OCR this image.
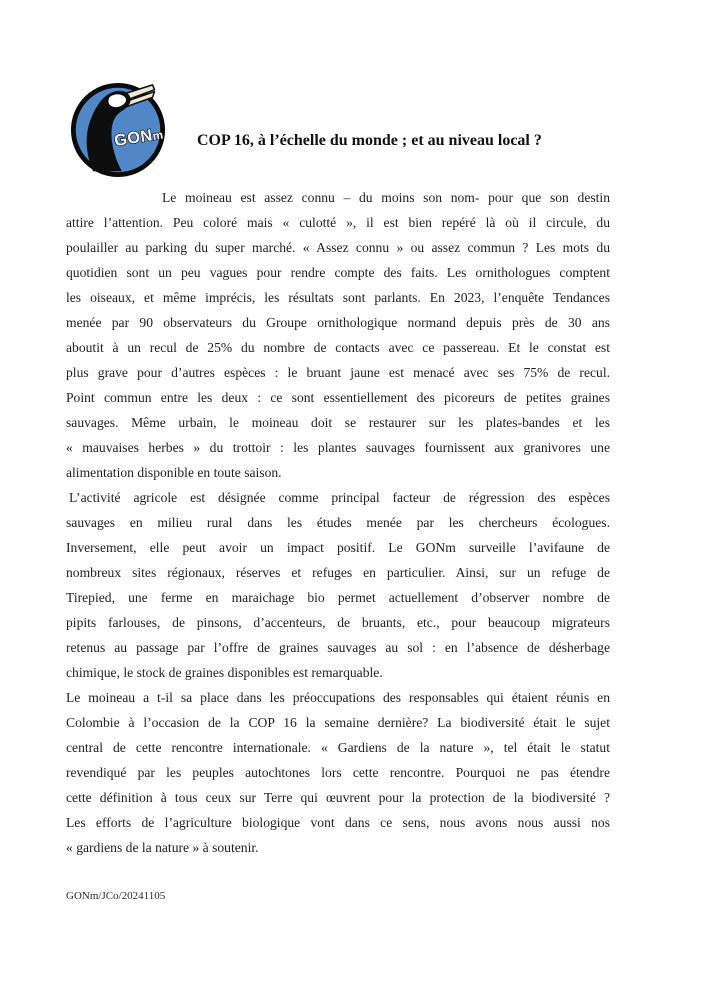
GONm COP 16, à l’échelle du monde ; et au niveau local ?
Le moineau est assez connu – du moins son nom- pour que son destin
attire l’attention. Peu coloré mais « culotté », il est bien repéré là où il circule, du
poulailler au parking du super marché. « Assez connu » ou assez commun ? Les mots du
quotidien sont un peu vagues pour rendre compte des faits. Les ornithologues comptent
les oiseaux, et même imprécis, les résultats sont parlants. En 2023, l’enquête Tendances
menée par 90 observateurs du Groupe ornithologique normand depuis près de 30 ans
aboutit à un recul de 25% du nombre de contacts avec ce passereau. Et le constat est
plus grave pour d’autres espèces : le bruant jaune est menacé avec ses 75% de recul.
Point commun entre les deux : ce sont essentiellement des picoreurs de petites graines
sauvages. Même urbain, le moineau doit se restaurer sur les plates-bandes et les
« mauvaises herbes » du trottoir : les plantes sauvages fournissent aux granivores une
alimentation disponible en toute saison.
L’activité agricole est désignée comme principal facteur de régression des espèces
sauvages en milieu rural dans les études menée par les chercheurs écologues.
Inversement, elle peut avoir un impact positif. Le GONm surveille l’avifaune de
nombreux sites régionaux, réserves et refuges en particulier. Ainsi, sur un refuge de
Tirepied, une ferme en maraichage bio permet actuellement d’observer nombre de
pipits farlouses, de pinsons, d’accenteurs, de bruants, etc., pour beaucoup migrateurs
retenus au passage par l’offre de graines sauvages au sol : en l’absence de désherbage
chimique, le stock de graines disponibles est remarquable.
Le moineau a t-il sa place dans les préoccupations des responsables qui étaient réunis en
Colombie à l’occasion de la COP 16 la semaine dernière? La biodiversité était le sujet
central de cette rencontre internationale. « Gardiens de la nature », tel était le statut
revendiqué par les peuples autochtones lors cette rencontre. Pourquoi ne pas étendre
cette définition à tous ceux sur Terre qui œuvrent pour la protection de la biodiversité ?
Les efforts de l’agriculture biologique vont dans ce sens, nous avons nous aussi nos
« gardiens de la nature » à soutenir.
GONm/JCo/20241105
